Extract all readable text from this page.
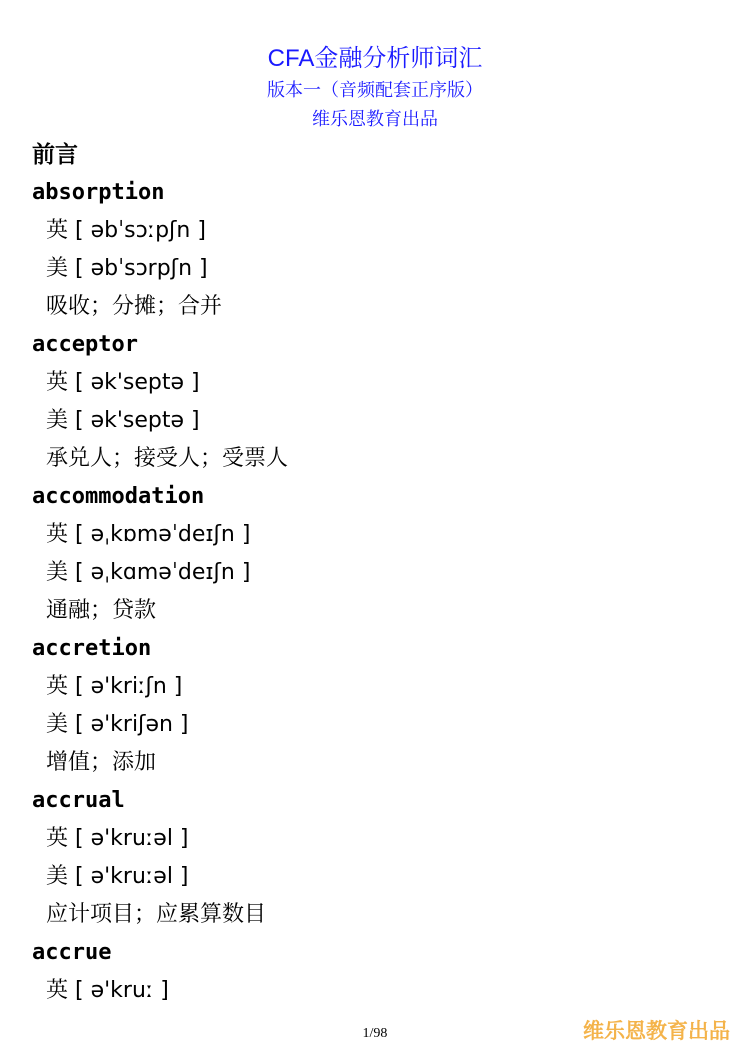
CFA金融分析师词汇
版本一（音频配套正序版）
维乐恩教育出品
前言
absorption
英 [ əbˈsɔːpʃn ]
美 [ əbˈsɔrpʃn ]
吸收；分摊；合并
acceptor
英 [ ək'septə ]
美 [ ək'septə ]
承兑人；接受人；受票人
accommodation
英 [ əˌkɒməˈdeɪʃn ]
美 [ əˌkɑməˈdeɪʃn ]
通融；贷款
accretion
英 [ ə'kriːʃn ]
美 [ ə'kriʃən ]
增值；添加
accrual
英 [ ə'kruːəl ]
美 [ ə'kruːəl ]
应计项目；应累算数目
accrue
英 [ ə'kruː ]
1/98	维乐恩教育出品
